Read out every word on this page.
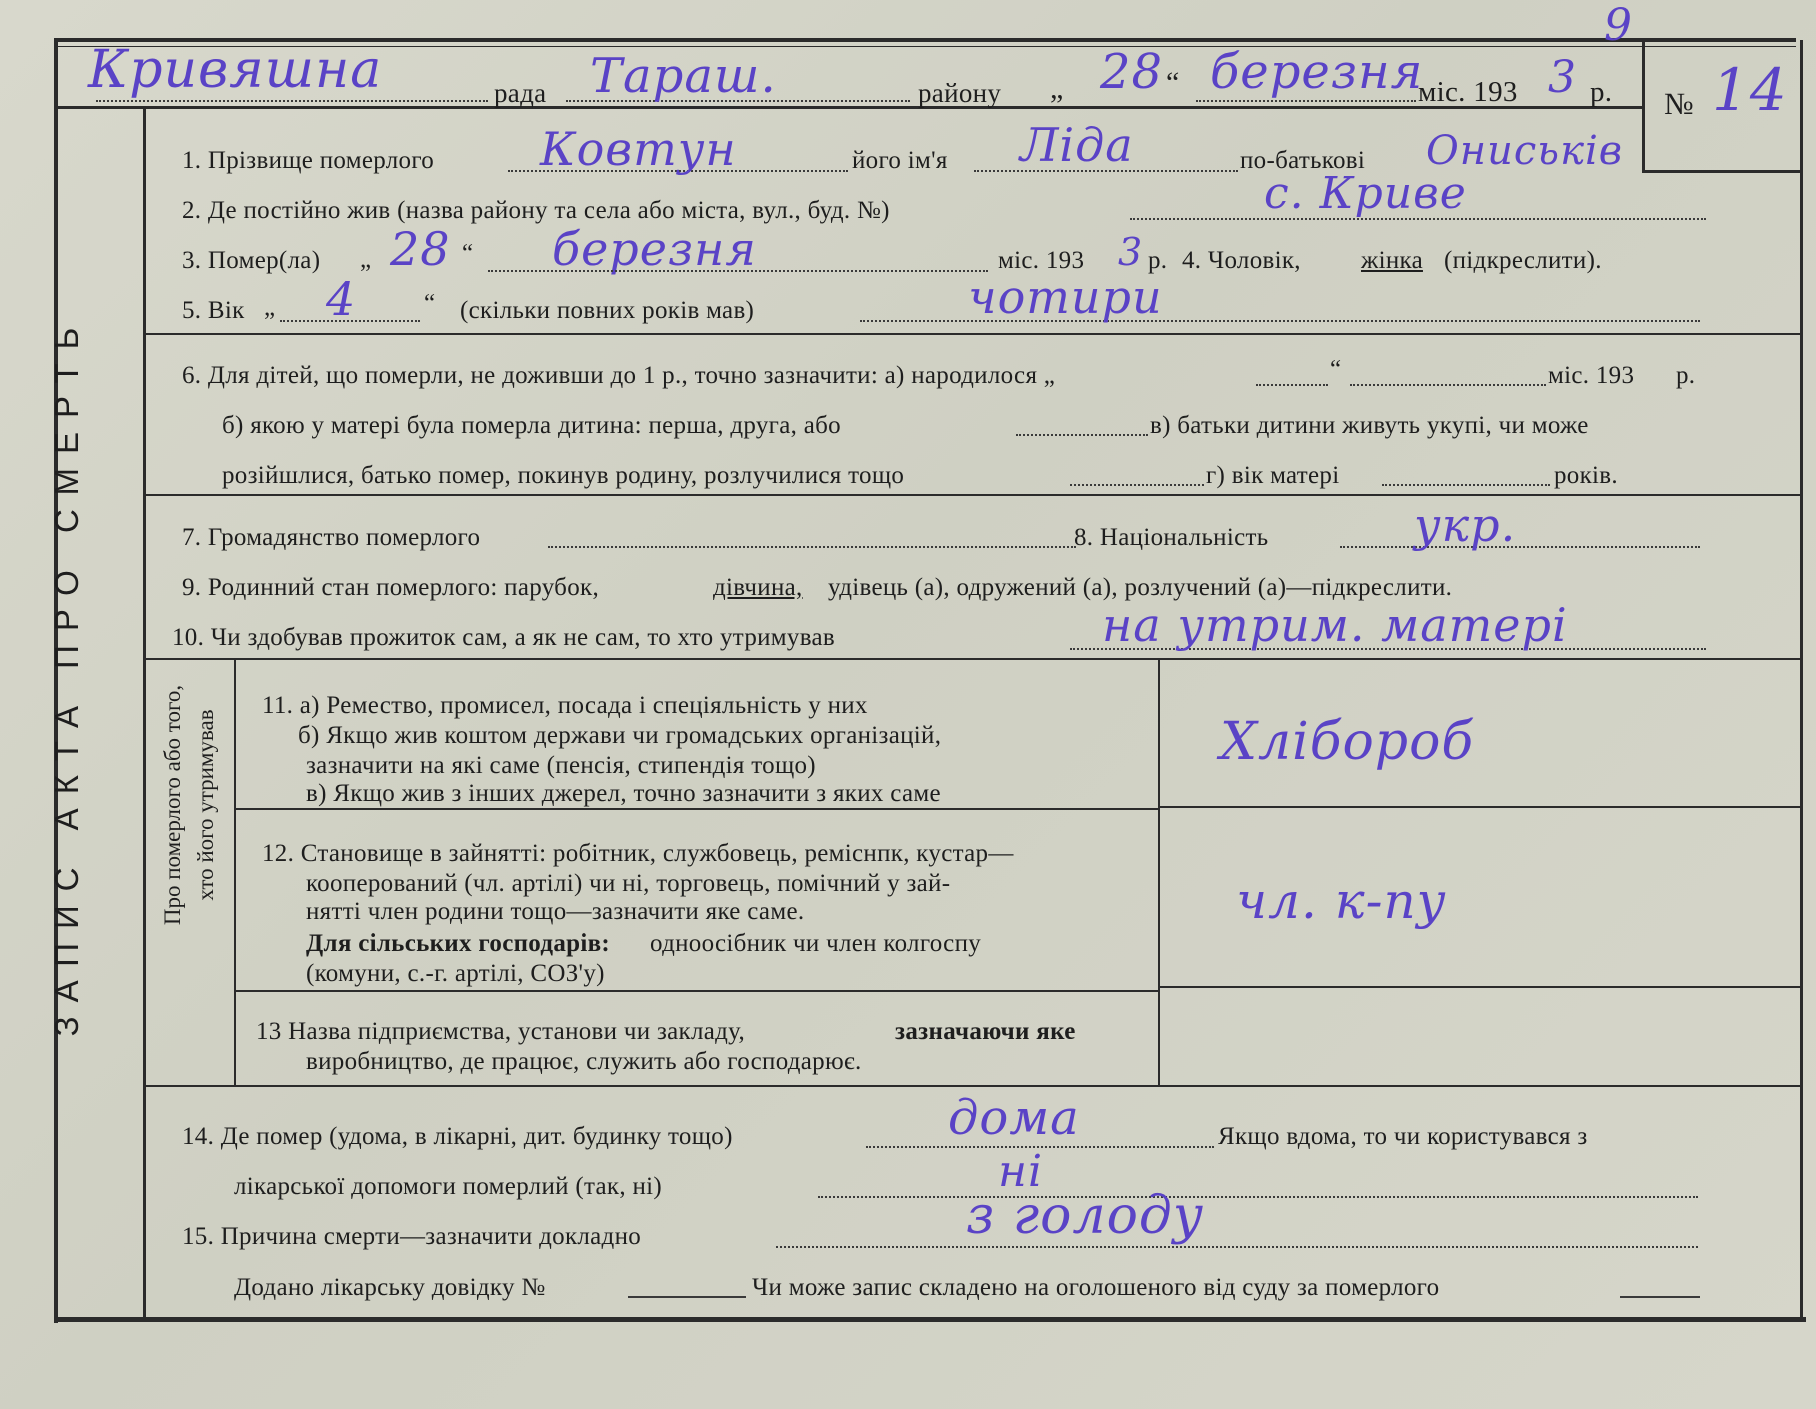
ЗАПИС АКТА ПРО СМЕРТЬ	Про померлого або того, хто його утримував
Кривяшна	рада Тараш.	району „ 28 “ березня
міс. 193 3 р. № 14
9
1. Прізвище померлого Ковтун	його ім'я Ліда	по-батькові Ониськів
2. Де постійно жив (назва району та села або міста, вул., буд. №)	с. Криве
3. Помер(ла) „ 28 “ березня	міс. 193 3 р. 4. Чоловік, жінка (підкреслити).
5. Вік „ 4	“ (скільки повних років мав)	чотири
6. Для дітей, що померли, не доживши до 1 р., точно зазначити: а) народилося „	“	міс. 193 р.
б) якою у матері була померла дитина: перша, друга, або	в) батьки дитини живуть укупі, чи може
розійшлися, батько помер, покинув родину, розлучилися тощо	г) вік матері	років.
7. Громадянство померлого	8. Національність	укр.
9. Родинний стан померлого: парубок,	дівчина, удівець (а), одружений (а), розлучений (а)—підкреслити.
10. Чи здобував прожиток сам, а як не сам, то хто утримував	на утрим. матері
11. а) Ремество, промисел, посада і спеціяльність у них
б) Якщо жив коштом держави чи громадських організацій,
зазначити на які саме (пенсія, стипендія тощо)
в) Якщо жив з інших джерел, точно зазначити з яких саме
Хлібороб
12. Становище в зайнятті: робітник, службовець, реміснпк, кустар—
кооперований (чл. артілі) чи ні, торговець, помічний у зай-
нятті член родини тощо—зазначити яке саме.
Для сільських господарів: одноосібник чи член колгоспу
(комуни, с.-г. артілі, СОЗ'у)
чл. к-пу
13 Назва підприємства, установи чи закладу,	зазначаючи яке
виробництво, де працює, служить або господарює.
14. Де помер (удома, в лікарні, дит. будинку тощо)	дома	Якщо вдома, то чи користувався з
лікарської допомоги померлий (так, ні)	ні
15. Причина смерти—зазначити докладно	з голоду
Додано лікарську довідку №	Чи може запис складено на оголошеного від суду за померлого
